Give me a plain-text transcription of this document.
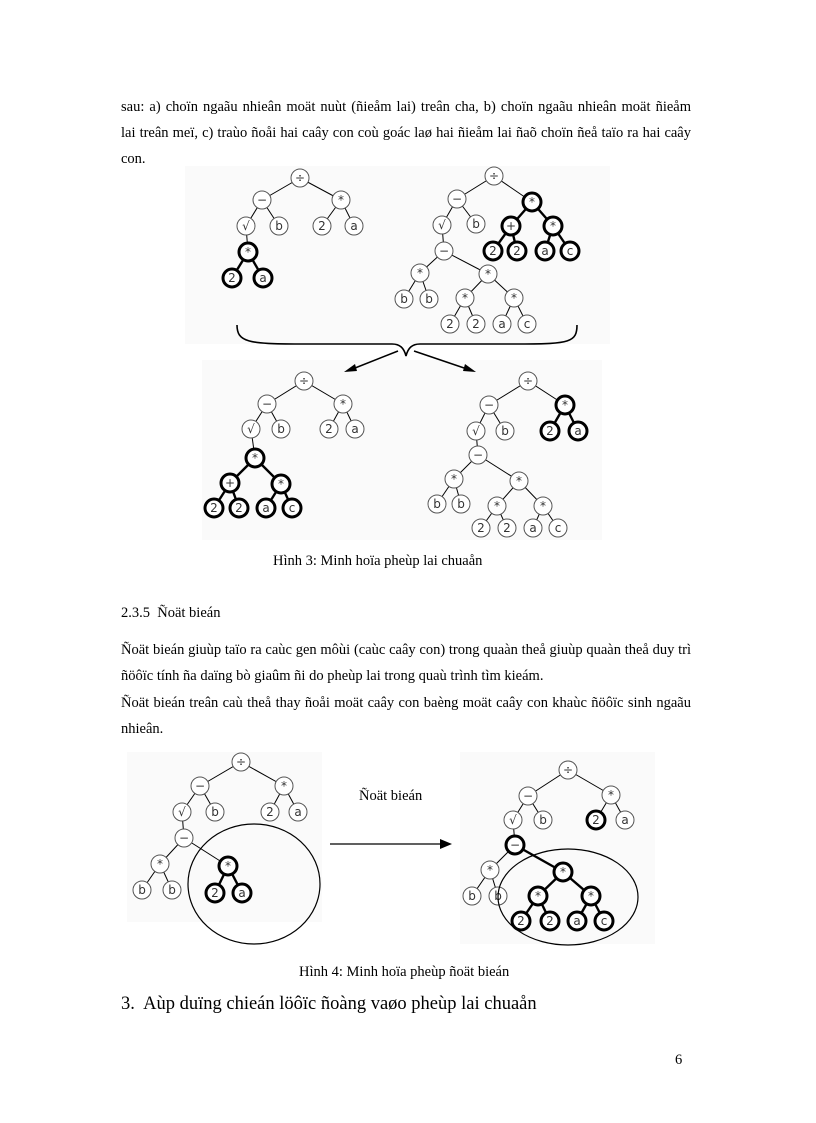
sau: a) choïn ngaãu nhieân moät nuùt (ñieåm lai) treân cha, b) choïn ngaãu nhieân moät ñieåm
lai treân meï, c) traùo ñoåi hai caây con coù goác laø hai ñieåm lai ñaõ choïn ñeå taïo ra hai caây
con.
÷
−	*
√ b	2 a
*
2 a
÷
−	*
√ b +	*
2 2 a c
−
*	*
b b *	*
2 2 a c
÷
−	*
√ b	2 a
*
+	*
2 2 a c
÷
−	*
√ b	2 a
−
*	*
b b *	*
2 2 a c
Hình 3: Minh hoïa pheùp lai chuaån
2.3.5 Ñoät bieán
Ñoät bieán giuùp taïo ra caùc gen môùi (caùc caây con) trong quaàn theå giuùp quaàn theå duy trì
ñöôïc tính ña daïng bò giaûm ñi do pheùp lai trong quaù trình tìm kieám.
Ñoät bieán treân caù theå thay ñoåi moät caây con baèng moät caây con khaùc ñöôïc sinh ngaãu
nhieân.
÷
−	*
√ b	2 a
−
*	*
b b	2 a
÷
−	*
√ b	2 a
−
*	*
b b	*	*
2 2 a c
Ñoät bieán
Hình 4: Minh hoïa pheùp ñoät bieán
3. Aùp duïng chieán löôïc ñoàng vaøo pheùp lai chuaån
6
